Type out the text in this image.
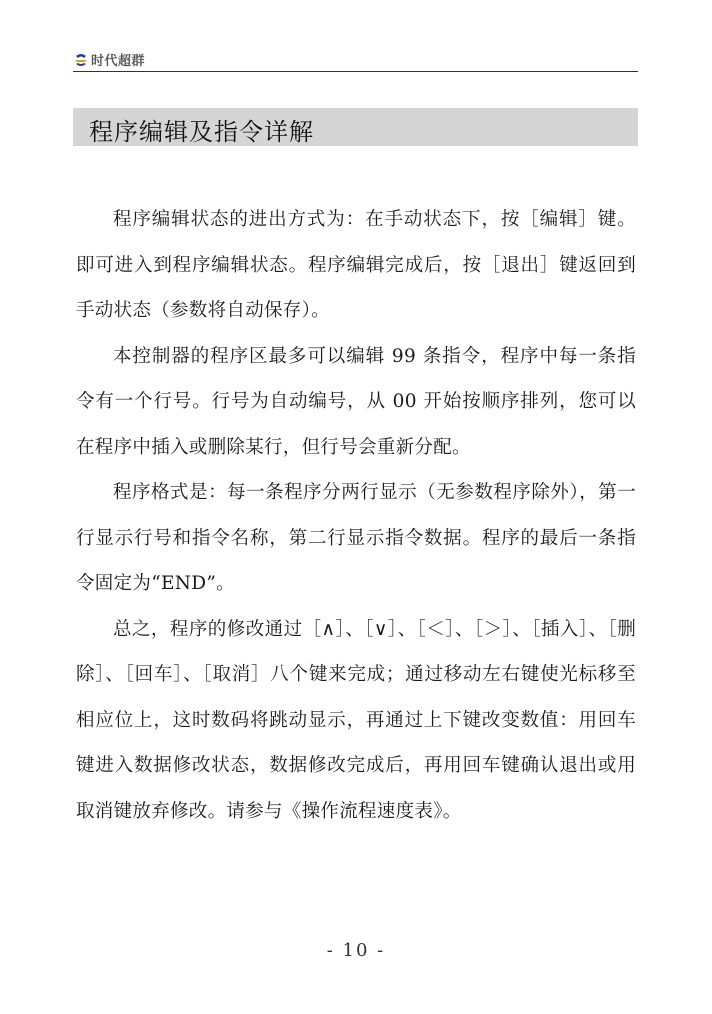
时代超群
程序编辑及指令详解

程序编辑状态的进出方式为：在手动状态下，按［编辑］键。即可进入到程序编辑状态。程序编辑完成后，按［退出］键返回到手动状态（参数将自动保存）。

本控制器的程序区最多可以编辑 99 条指令，程序中每一条指令有一个行号。行号为自动编号，从 00 开始按顺序排列，您可以在程序中插入或删除某行，但行号会重新分配。

程序格式是：每一条程序分两行显示（无参数程序除外），第一行显示行号和指令名称，第二行显示指令数据。程序的最后一条指令固定为“END”。

总之，程序的修改通过［∧］、［∨］、［＜］、［＞］、［插入］、［删除］、［回车］、［取消］八个键来完成；通过移动左右键使光标移至相应位上，这时数码将跳动显示，再通过上下键改变数值：用回车键进入数据修改状态，数据修改完成后，再用回车键确认退出或用取消键放弃修改。请参与《操作流程速度表》。

- 10 -
